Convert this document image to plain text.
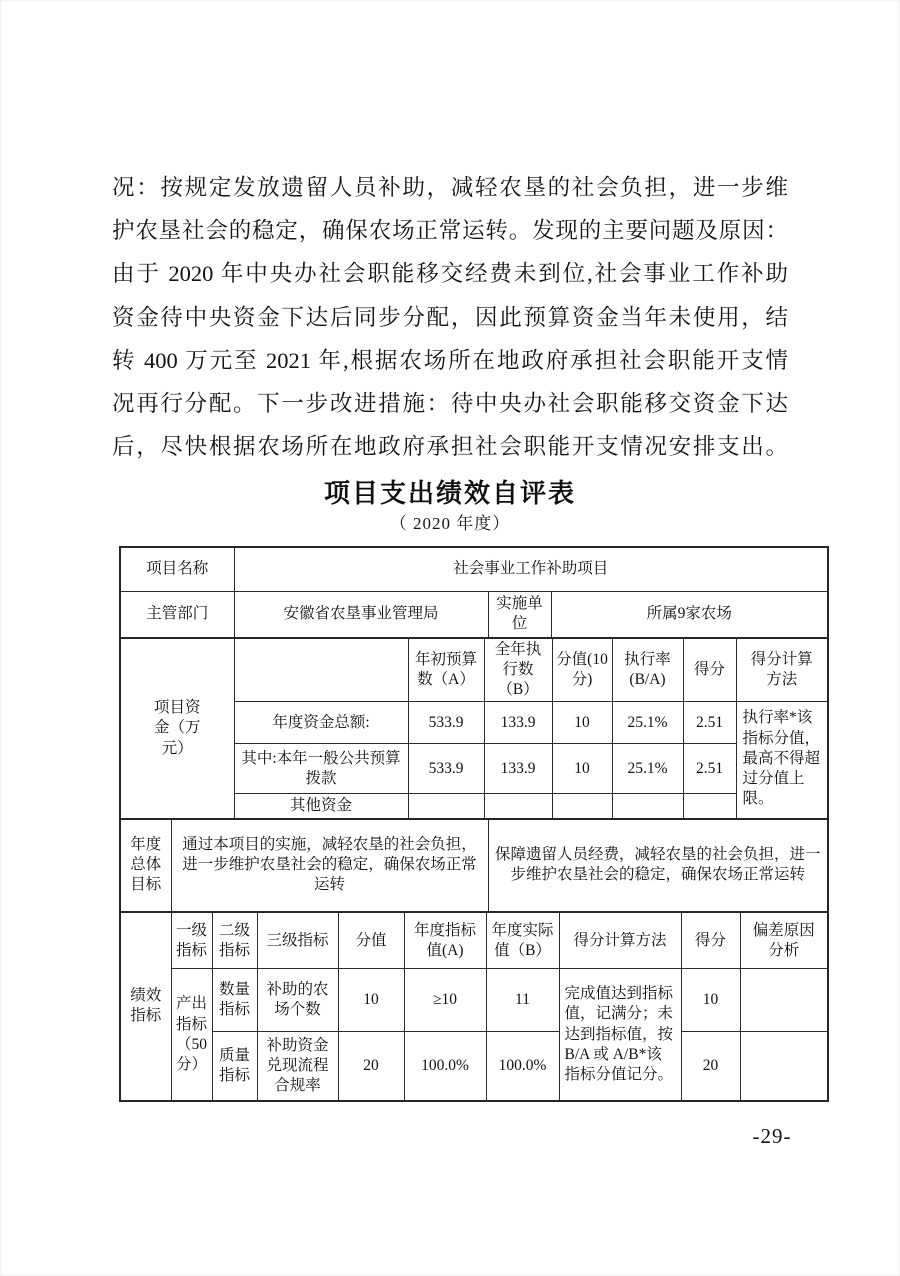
况：按规定发放遗留人员补助，减轻农垦的社会负担，进一步维
护农垦社会的稳定，确保农场正常运转。发现的主要问题及原因：
由于 2020 年中央办社会职能移交经费未到位,社会事业工作补助
资金待中央资金下达后同步分配，因此预算资金当年未使用，结
转 400 万元至 2021 年,根据农场所在地政府承担社会职能开支情
况再行分配。下一步改进措施：待中央办社会职能移交资金下达
后，尽快根据农场所在地政府承担社会职能开支情况安排支出。
项目支出绩效自评表
（ 2020 年度）
项目名称	社会事业工作补助项目		
主管部门	安徽省农垦事业管理局	实施单位	所属9家农场
项目资金（万元）		年初预算数（A）	全年执行数（B）	分值(10分)	执行率(B/A)	得分	得分计算方法
	年度资金总额:	533.9	133.9	10	25.1%	2.51	执行率*该指标分值，最高不得超过分值上限。
	其中:本年一般公共预算拨款	533.9	133.9	10	25.1%	2.51	
	其他资金						
年度总体目标	通过本项目的实施，减轻农垦的社会负担，进一步维护农垦社会的稳定，确保农场正常运转	保障遗留人员经费，减轻农垦的社会负担，进一步维护农垦社会的稳定，确保农场正常运转
绩效指标	一级指标	二级指标	三级指标	分值	年度指标值(A)	年度实际值（B）	得分计算方法	得分	偏差原因分析
	产出指标（50分）	数量指标	补助的农场个数	10	≥10	11	完成值达到指标值，记满分；未达到指标值，按B/A 或 A/B*该指标分值记分。	10	
		质量指标	补助资金兑现流程合规率	20	100.0%	100.0%		20	
-29-
